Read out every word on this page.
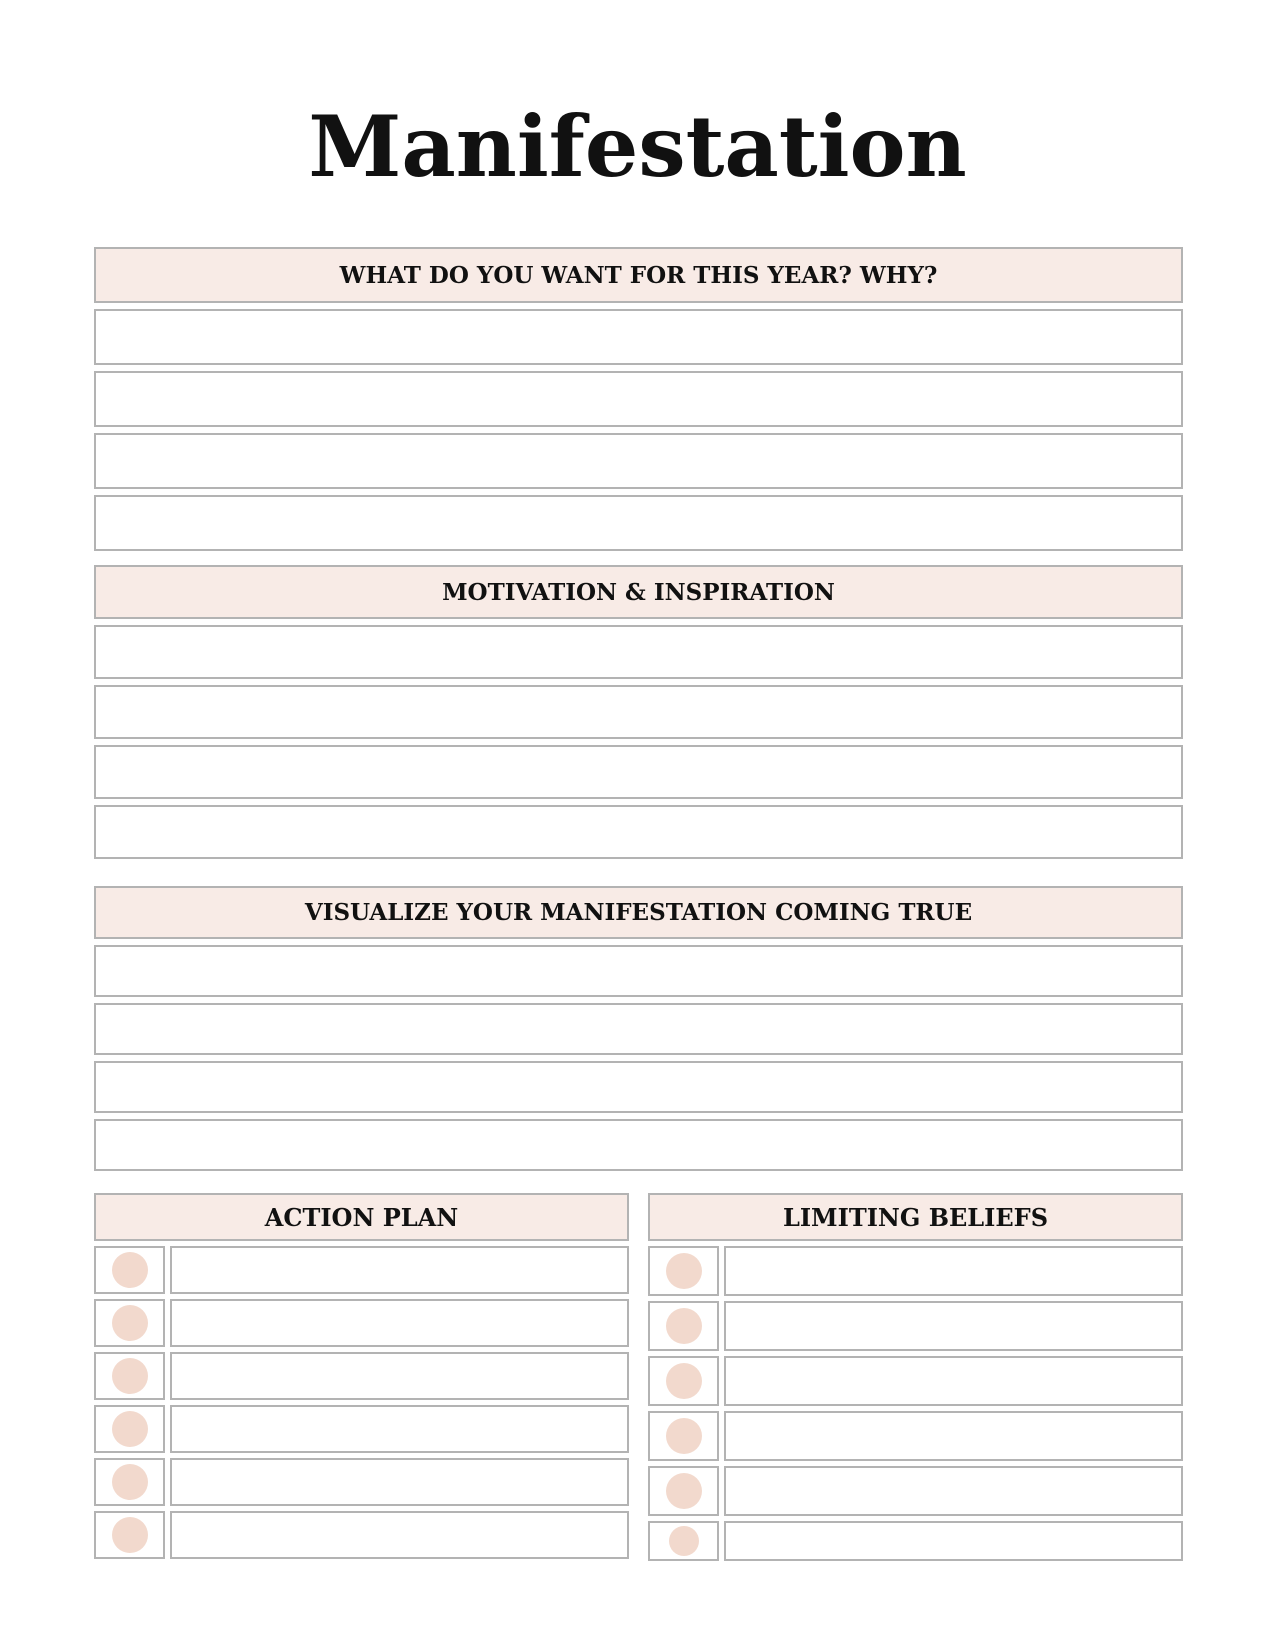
Manifestation
WHAT DO YOU WANT FOR THIS YEAR? WHY?
MOTIVATION & INSPIRATION
VISUALIZE YOUR MANIFESTATION COMING TRUE
ACTION PLAN	LIMITING BELIEFS
